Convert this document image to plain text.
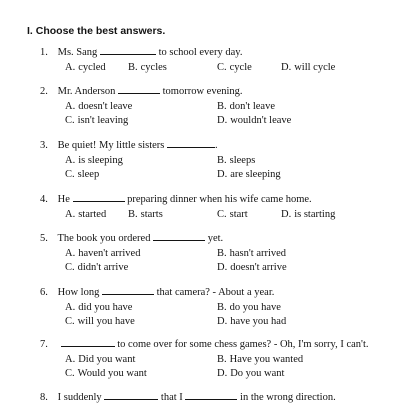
I. Choose the best answers.
1. Ms. Sang	to school every day.
A. cycled B. cycles	C. cycle	D. will cycle
2. Mr. Anderson	tomorrow evening.
A. doesn't leave	B. don't leave
C. isn't leaving	D. wouldn't leave
3. Be quiet! My little sisters	.
A. is sleeping	B. sleeps
C. sleep	D. are sleeping
4. He	preparing dinner when his wife came home.
A. started B. starts	C. start	D. is starting
5. The book you ordered	yet.
A. haven't arrived	B. hasn't arrived
C. didn't arrive	D. doesn't arrive
6. How long	that camera? - About a year.
A. did you have	B. do you have
C. will you have	D. have you had
7.	to come over for some chess games? - Oh, I'm sorry, I can't.
A. Did you want	B. Have you wanted
C. Would you want	D. Do you want
8. I suddenly	that I	in the wrong direction.
